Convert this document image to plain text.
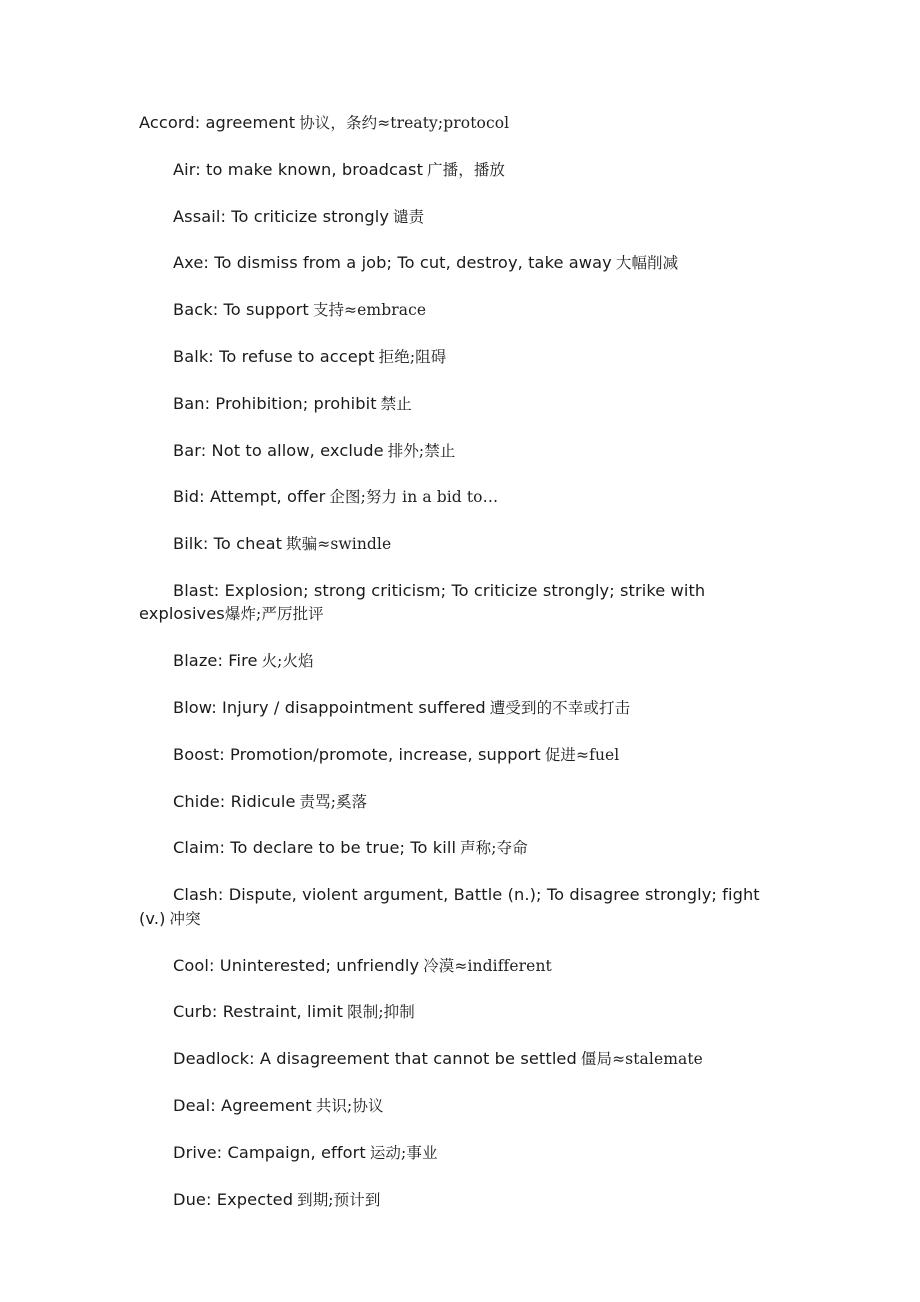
Accord: agreement 协议，条约≈treaty;protocol

Air: to make known, broadcast 广播，播放

Assail: To criticize strongly 谴责

Axe: To dismiss from a job; To cut, destroy, take away 大幅削减

Back: To support 支持≈embrace

Balk: To refuse to accept 拒绝;阻碍

Ban: Prohibition; prohibit 禁止

Bar: Not to allow, exclude 排外;禁止

Bid: Attempt, offer 企图;努力 in a bid to…

Bilk: To cheat 欺骗≈swindle

Blast: Explosion; strong criticism; To criticize strongly; strike with explosives爆炸;严厉批评

Blaze: Fire 火;火焰

Blow: Injury / disappointment suffered 遭受到的不幸或打击

Boost: Promotion/promote, increase, support 促进≈fuel

Chide: Ridicule 责骂;奚落

Claim: To declare to be true; To kill 声称;夺命

Clash: Dispute, violent argument, Battle (n.); To disagree strongly; fight (v.) 冲突

Cool: Uninterested; unfriendly 冷漠≈indifferent

Curb: Restraint, limit 限制;抑制

Deadlock: A disagreement that cannot be settled 僵局≈stalemate

Deal: Agreement 共识;协议

Drive: Campaign, effort 运动;事业

Due: Expected 到期;预计到
